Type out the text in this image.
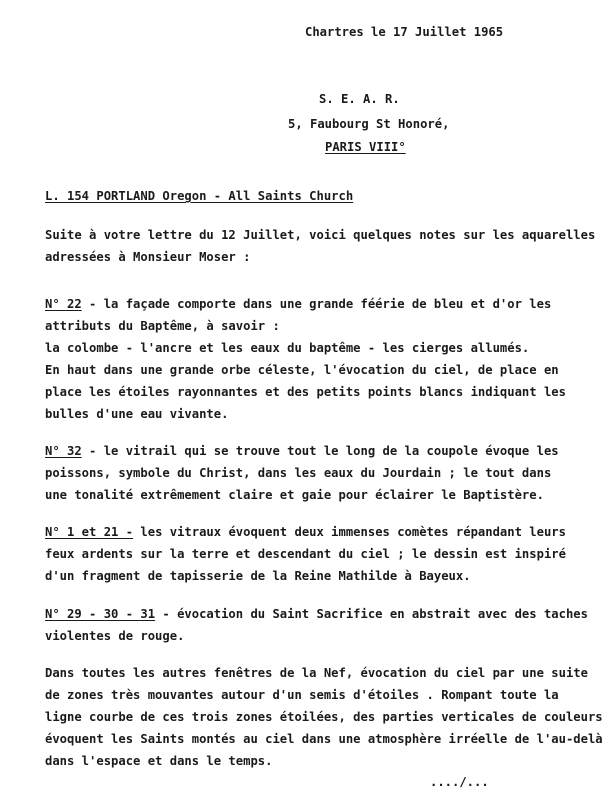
Chartres le 17 Juillet 1965
S. E. A. R.
5, Faubourg St Honoré,
PARIS VIII°
L. 154 PORTLAND Oregon - All Saints Church
Suite à votre lettre du 12 Juillet, voici quelques notes sur les aquarelles
adressées à Monsieur Moser :
N° 22 - la façade comporte dans une grande féérie de bleu et d'or les
attributs du Baptême, à savoir :
la colombe - l'ancre et les eaux du baptême - les cierges allumés.
En haut dans une grande orbe céleste, l'évocation du ciel, de place en
place les étoiles rayonnantes et des petits points blancs indiquant les
bulles d'une eau vivante.
N° 32 - le vitrail qui se trouve tout le long de la coupole évoque les
poissons, symbole du Christ, dans les eaux du Jourdain ; le tout dans
une tonalité extrêmement claire et gaie pour éclairer le Baptistère.
N° 1 et 21 - les vitraux évoquent deux immenses comètes répandant leurs
feux ardents sur la terre et descendant du ciel ; le dessin est inspiré
d'un fragment de tapisserie de la Reine Mathilde à Bayeux.
N° 29 - 30 - 31 - évocation du Saint Sacrifice en abstrait avec des taches
violentes de rouge.
Dans toutes les autres fenêtres de la Nef, évocation du ciel par une suite
de zones très mouvantes autour d'un semis d'étoiles . Rompant toute la
ligne courbe de ces trois zones étoilées, des parties verticales de couleurs
évoquent les Saints montés au ciel dans une atmosphère irréelle de l'au-delà
dans l'espace et dans le temps.
..../...
